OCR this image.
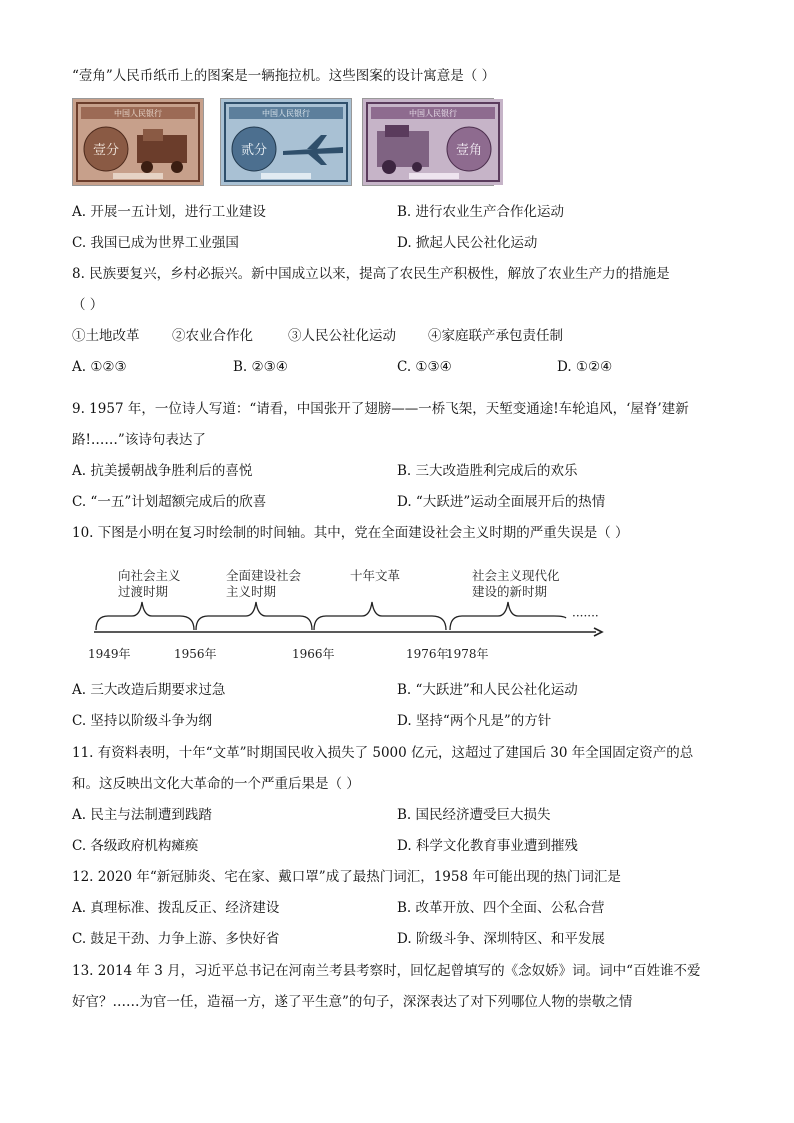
“壹角”人民币纸币上的图案是一辆拖拉机。这些图案的设计寓意是（ ）
中国人民银行
壹分
中国人民银行
贰分
中国人民银行
壹角
A. 开展一五计划，进行工业建设	B. 进行农业生产合作化运动
C. 我国已成为世界工业强国	D. 掀起人民公社化运动
8. 民族要复兴，乡村必振兴。新中国成立以来，提高了农民生产积极性，解放了农业生产力的措施是
（ ）
①土地改革 ②农业合作化	③人民公社化运动 ④家庭联产承包责任制
A. ①②③	B. ②③④	C. ①③④	D. ①②④
9. 1957 年，一位诗人写道：“请看，中国张开了翅膀——一桥飞架，天堑变通途!车轮追风，‘屋脊’建新
路!……”该诗句表达了
A. 抗美援朝战争胜利后的喜悦	B. 三大改造胜利完成后的欢乐
C. “一五”计划超额完成后的欣喜	D. “大跃进”运动全面展开后的热情
10. 下图是小明在复习时绘制的时间轴。其中，党在全面建设社会主义时期的严重失误是（ ）
·······
向社会主义
过渡时期
全面建设社会
主义时期
十年文革	社会主义现代化
建设的新时期
1949年	1956年	1966年	1976年
1978年
A. 三大改造后期要求过急	B. “大跃进”和人民公社化运动
C. 坚持以阶级斗争为纲	D. 坚持“两个凡是”的方针
11. 有资料表明，十年“文革”时期国民收入损失了 5000 亿元，这超过了建国后 30 年全国固定资产的总
和。这反映出文化大革命的一个严重后果是（ ）
A. 民主与法制遭到践踏	B. 国民经济遭受巨大损失
C. 各级政府机构瘫痪	D. 科学文化教育事业遭到摧残
12. 2020 年“新冠肺炎、宅在家、戴口罩”成了最热门词汇，1958 年可能出现的热门词汇是
A. 真理标准、拨乱反正、经济建设	B. 改革开放、四个全面、公私合营
C. 鼓足干劲、力争上游、多快好省	D. 阶级斗争、深圳特区、和平发展
13. 2014 年 3 月，习近平总书记在河南兰考县考察时，回忆起曾填写的《念奴娇》词。词中“百姓谁不爱
好官？……为官一任，造福一方，遂了平生意”的句子，深深表达了对下列哪位人物的崇敬之情
